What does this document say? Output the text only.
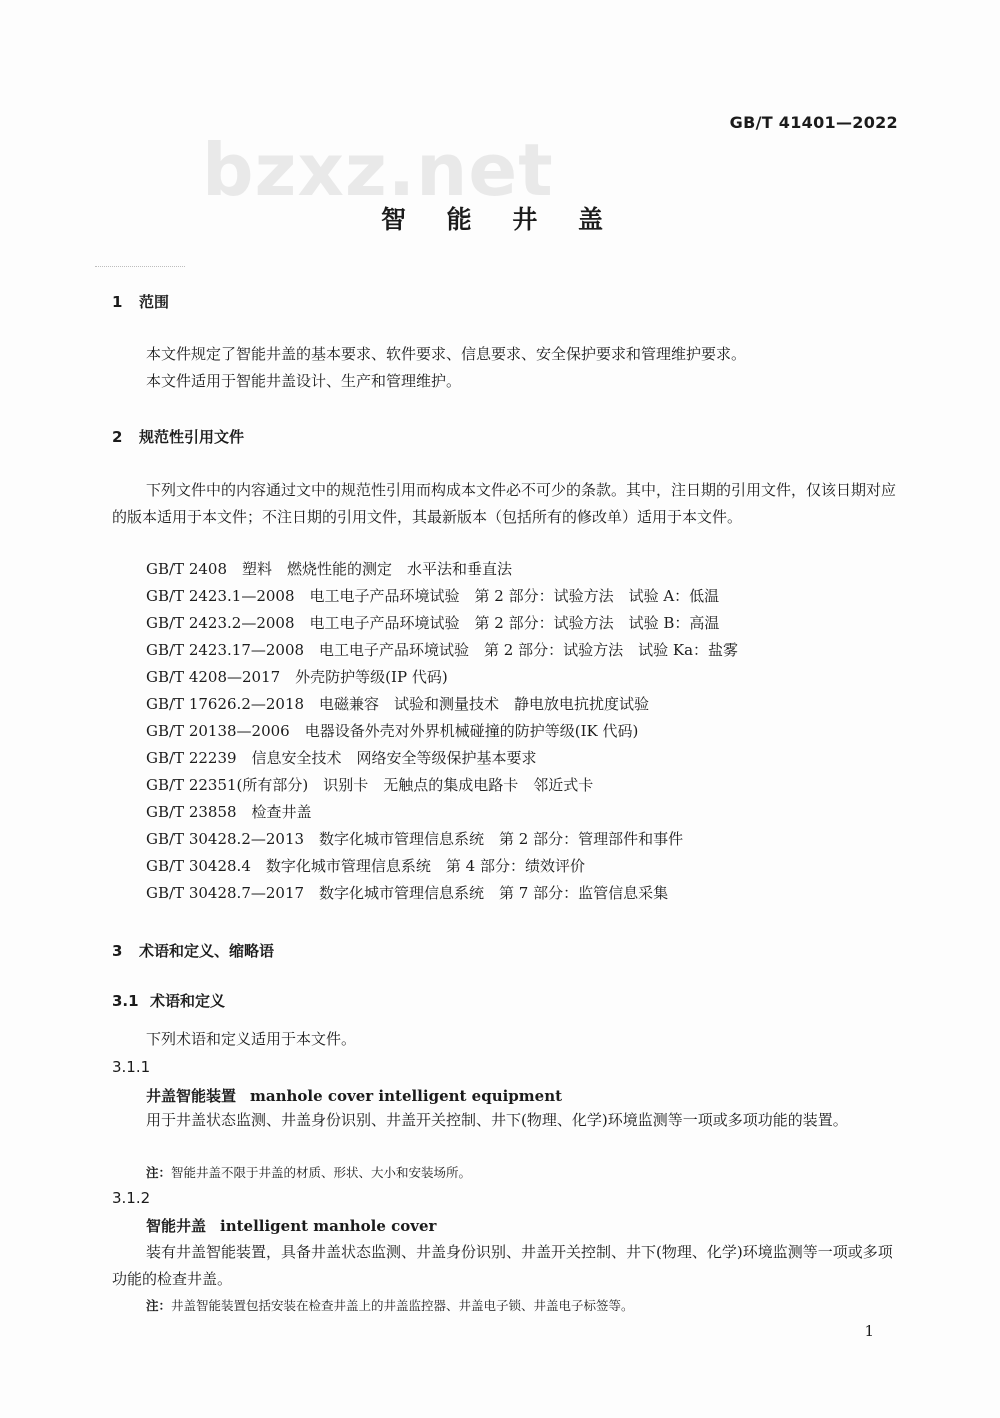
bzxz.net
GB/T 41401—2022
智 能 井 盖
1 范围
本文件规定了智能井盖的基本要求、软件要求、信息要求、安全保护要求和管理维护要求。
本文件适用于智能井盖设计、生产和管理维护。
2 规范性引用文件
下列文件中的内容通过文中的规范性引用而构成本文件必不可少的条款。其中，注日期的引用文件，仅该日期对应的版本适用于本文件；不注日期的引用文件，其最新版本（包括所有的修改单）适用于本文件。
GB/T 2408　塑料　燃烧性能的测定　水平法和垂直法
GB/T 2423.1—2008　电工电子产品环境试验　第 2 部分：试验方法　试验 A：低温
GB/T 2423.2—2008　电工电子产品环境试验　第 2 部分：试验方法　试验 B：高温
GB/T 2423.17—2008　电工电子产品环境试验　第 2 部分：试验方法　试验 Ka：盐雾
GB/T 4208—2017　外壳防护等级(IP 代码)
GB/T 17626.2—2018　电磁兼容　试验和测量技术　静电放电抗扰度试验
GB/T 20138—2006　电器设备外壳对外界机械碰撞的防护等级(IK 代码)
GB/T 22239　信息安全技术　网络安全等级保护基本要求
GB/T 22351(所有部分)　识别卡　无触点的集成电路卡　邻近式卡
GB/T 23858　检查井盖
GB/T 30428.2—2013　数字化城市管理信息系统　第 2 部分：管理部件和事件
GB/T 30428.4　数字化城市管理信息系统　第 4 部分：绩效评价
GB/T 30428.7—2017　数字化城市管理信息系统　第 7 部分：监管信息采集
3 术语和定义、缩略语
3.1 术语和定义
下列术语和定义适用于本文件。
3.1.1
井盖智能装置 manhole cover intelligent equipment
用于井盖状态监测、井盖身份识别、井盖开关控制、井下(物理、化学)环境监测等一项或多项功能的装置。
注：智能井盖不限于井盖的材质、形状、大小和安装场所。
3.1.2
智能井盖 intelligent manhole cover
装有井盖智能装置，具备井盖状态监测、井盖身份识别、井盖开关控制、井下(物理、化学)环境监测等一项或多项功能的检查井盖。
注：井盖智能装置包括安装在检查井盖上的井盖监控器、井盖电子锁、井盖电子标签等。
1
